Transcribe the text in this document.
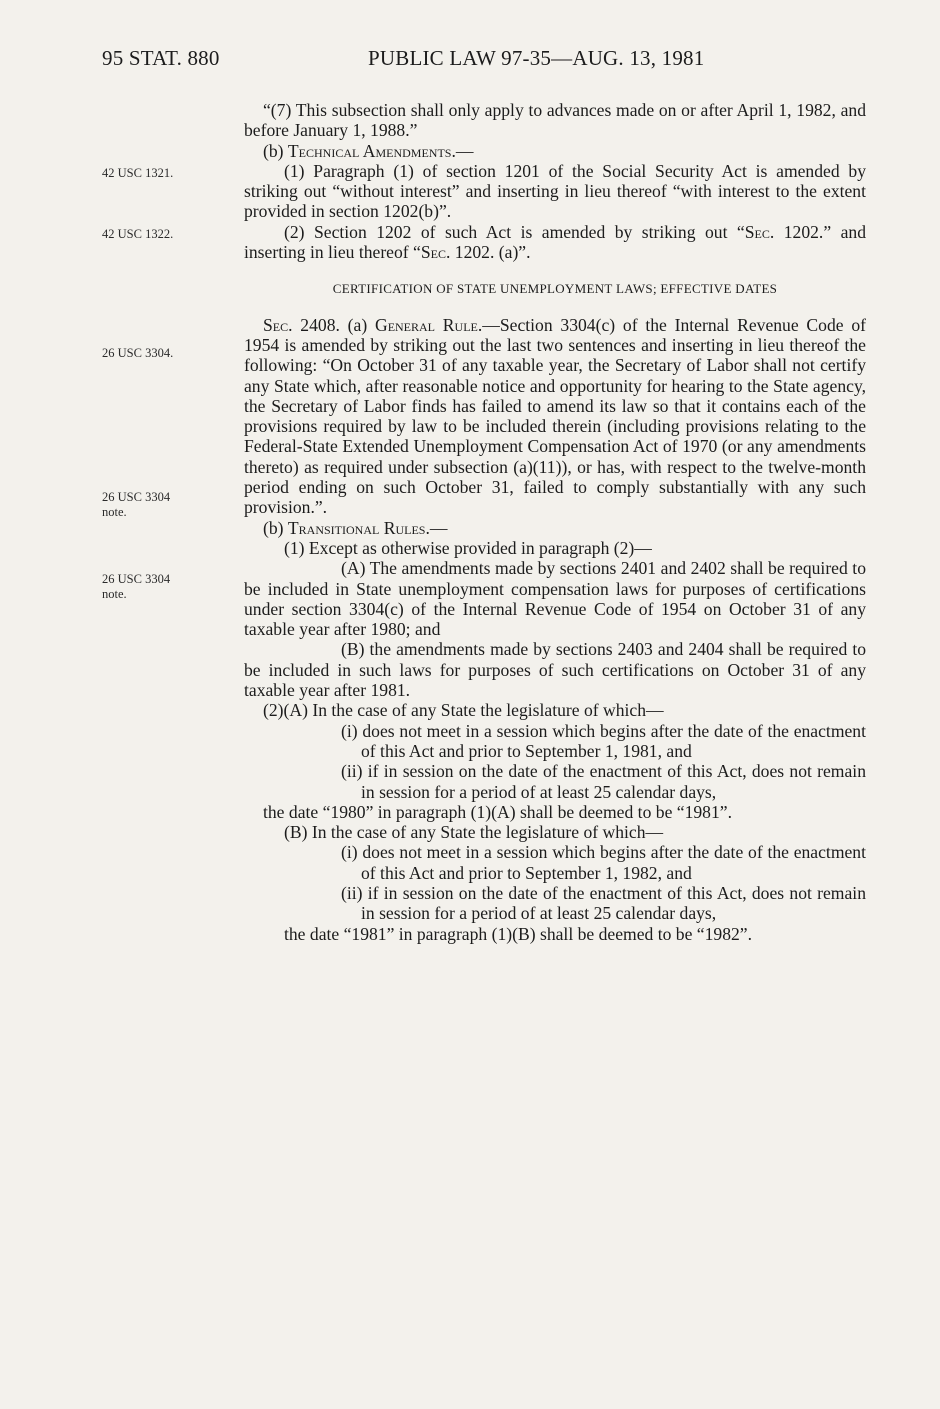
95 STAT. 880	PUBLIC LAW 97-35—AUG. 13, 1981
42 USC 1321.
42 USC 1322.
26 USC 3304.
26 USC 3304
note.
26 USC 3304
note.

“(7) This subsection shall only apply to advances made on or after April 1, 1982, and before January 1, 1988.”

(b) Technical Amendments.—

(1) Paragraph (1) of section 1201 of the Social Security Act is amended by striking out “without interest” and inserting in lieu thereof “with interest to the extent provided in section 1202(b)”.

(2) Section 1202 of such Act is amended by striking out “Sec. 1202.” and inserting in lieu thereof “Sec. 1202. (a)”.

CERTIFICATION OF STATE UNEMPLOYMENT LAWS; EFFECTIVE DATES

Sec. 2408. (a) General Rule.—Section 3304(c) of the Internal Revenue Code of 1954 is amended by striking out the last two sentences and inserting in lieu thereof the following: “On October 31 of any taxable year, the Secretary of Labor shall not certify any State which, after reasonable notice and opportunity for hearing to the State agency, the Secretary of Labor finds has failed to amend its law so that it contains each of the provisions required by law to be included therein (including provisions relating to the Federal-State Extended Unemployment Compensation Act of 1970 (or any amendments thereto) as required under subsection (a)(11)), or has, with respect to the twelve-month period ending on such October 31, failed to comply substantially with any such provision.”.

(b) Transitional Rules.—

(1) Except as otherwise provided in paragraph (2)—

(A) The amendments made by sections 2401 and 2402 shall be required to be included in State unemployment compensation laws for purposes of certifications under section 3304(c) of the Internal Revenue Code of 1954 on October 31 of any taxable year after 1980; and

(B) the amendments made by sections 2403 and 2404 shall be required to be included in such laws for purposes of such certifications on October 31 of any taxable year after 1981.

(2)(A) In the case of any State the legislature of which—

(i) does not meet in a session which begins after the date of the enactment of this Act and prior to September 1, 1981, and

(ii) if in session on the date of the enactment of this Act, does not remain in session for a period of at least 25 calendar days,

the date “1980” in paragraph (1)(A) shall be deemed to be “1981”.

(B) In the case of any State the legislature of which—

(i) does not meet in a session which begins after the date of the enactment of this Act and prior to September 1, 1982, and

(ii) if in session on the date of the enactment of this Act, does not remain in session for a period of at least 25 calendar days,

the date “1981” in paragraph (1)(B) shall be deemed to be “1982”.
